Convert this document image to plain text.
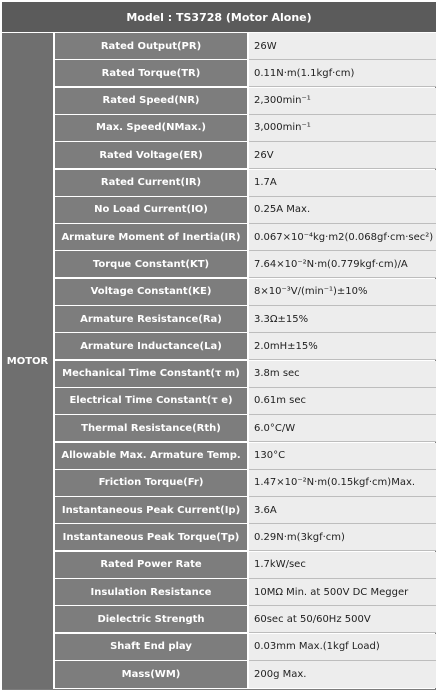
Model : TS3728 (Motor Alone)
MOTOR
Rated Output(PR)	26W
Rated Torque(TR)	0.11N·m(1.1kgf·cm)
Rated Speed(NR)	2,300min⁻¹
Max. Speed(NMax.)	3,000min⁻¹
Rated Voltage(ER)	26V
Rated Current(IR)	1.7A
No Load Current(IO)	0.25A Max.
Armature Moment of Inertia(IR)	0.067×10⁻⁴kg·m2(0.068gf·cm·sec²)
Torque Constant(KT)	7.64×10⁻²N·m(0.779kgf·cm)/A
Voltage Constant(KE)	8×10⁻³V/(min⁻¹)±10%
Armature Resistance(Ra)	3.3Ω±15%
Armature Inductance(La)	2.0mH±15%
Mechanical Time Constant(τ m)	3.8m sec
Electrical Time Constant(τ e)	0.61m sec
Thermal Resistance(Rth)	6.0°C/W
Allowable Max. Armature Temp.	130°C
Friction Torque(Fr)	1.47×10⁻²N·m(0.15kgf·cm)Max.
Instantaneous Peak Current(Ip)	3.6A
Instantaneous Peak Torque(Tp)	0.29N·m(3kgf·cm)
Rated Power Rate	1.7kW/sec
Insulation Resistance	10MΩ Min. at 500V DC Megger
Dielectric Strength	60sec at 50/60Hz 500V
Shaft End play	0.03mm Max.(1kgf Load)
Mass(WM)	200g Max.
